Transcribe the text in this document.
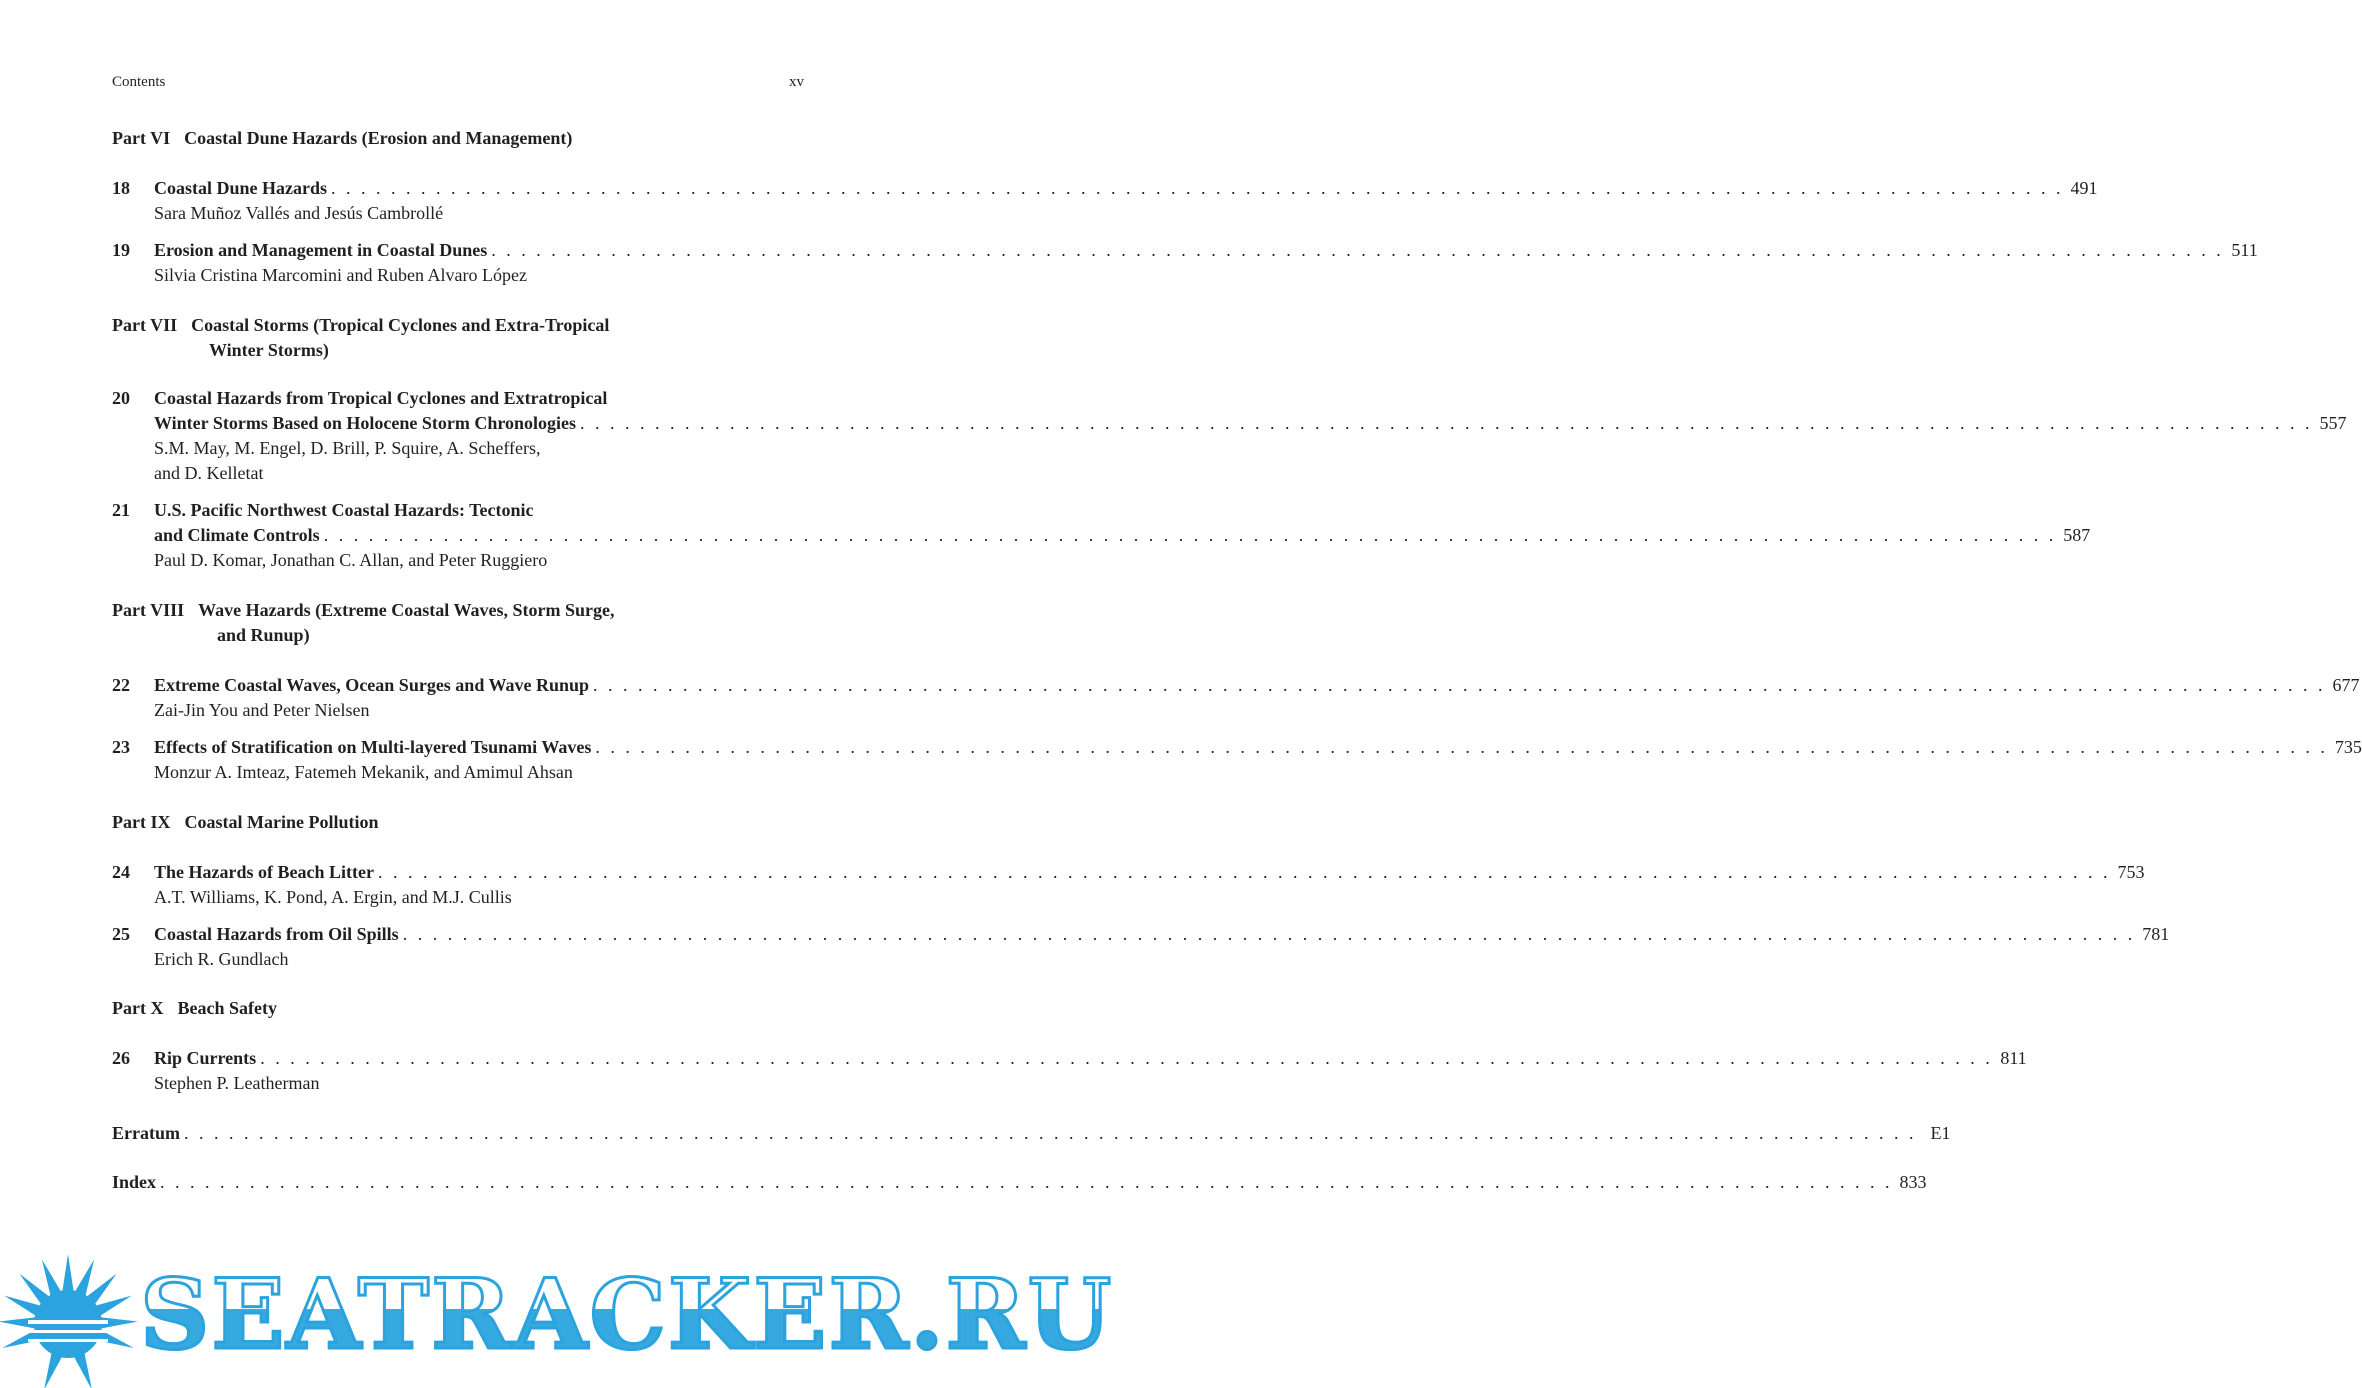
Contents	xv
Part VI Coastal Dune Hazards (Erosion and Management)
18	Coastal Dune Hazards . . .	491
Sara Muñoz Vallés and Jesús Cambrollé
19	Erosion and Management in Coastal Dunes . . .	511
Silvia Cristina Marcomini and Ruben Alvaro López
Part VII Coastal Storms (Tropical Cyclones and Extra-Tropical
Winter Storms)
20	Coastal Hazards from Tropical Cyclones and Extratropical
Winter Storms Based on Holocene Storm Chronologies . . .	557
S.M. May, M. Engel, D. Brill, P. Squire, A. Scheffers,
and D. Kelletat
21	U.S. Pacific Northwest Coastal Hazards: Tectonic
and Climate Controls . . .	587
Paul D. Komar, Jonathan C. Allan, and Peter Ruggiero
Part VIII Wave Hazards (Extreme Coastal Waves, Storm Surge,
and Runup)
22	Extreme Coastal Waves, Ocean Surges and Wave Runup . . .	677
Zai-Jin You and Peter Nielsen
23	Effects of Stratification on Multi-layered Tsunami Waves . . .	735
Monzur A. Imteaz, Fatemeh Mekanik, and Amimul Ahsan
Part IX Coastal Marine Pollution
24	The Hazards of Beach Litter . . .	753
A.T. Williams, K. Pond, A. Ergin, and M.J. Cullis
25	Coastal Hazards from Oil Spills . . .	781
Erich R. Gundlach
Part X Beach Safety
26	Rip Currents . . .	811
Stephen P. Leatherman
Erratum . . .	E1
Index . . .	833
SEATRACKER.RU
